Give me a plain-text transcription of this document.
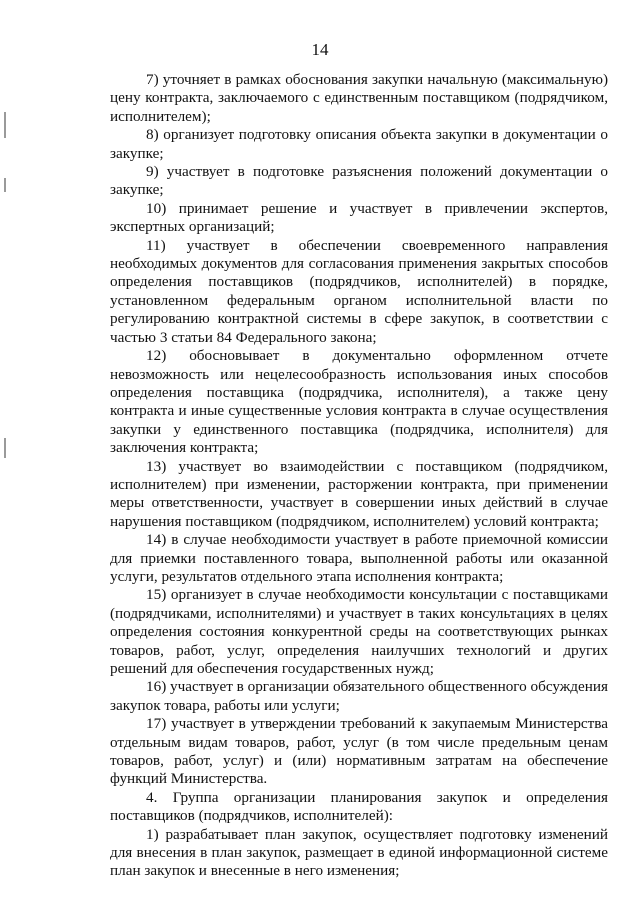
14

7) уточняет в рамках обоснования закупки начальную (максимальную) цену контракта, заключаемого с единственным поставщиком (подрядчиком, исполнителем);

8) организует подготовку описания объекта закупки в документации о закупке;

9) участвует в подготовке разъяснения положений документации о закупке;

10) принимает решение и участвует в привлечении экспертов, экспертных организаций;

11) участвует в обеспечении своевременного направления необходимых документов для согласования применения закрытых способов определения поставщиков (подрядчиков, исполнителей) в порядке, установленном федеральным органом исполнительной власти по регулированию контрактной системы в сфере закупок, в соответствии с частью 3 статьи 84 Федерального закона;

12) обосновывает в документально оформленном отчете невозможность или нецелесообразность использования иных способов определения поставщика (подрядчика, исполнителя), а также цену контракта и иные существенные условия контракта в случае осуществления закупки у единственного поставщика (подрядчика, исполнителя) для заключения контракта;

13) участвует во взаимодействии с поставщиком (подрядчиком, исполнителем) при изменении, расторжении контракта, при применении меры ответственности, участвует в совершении иных действий в случае нарушения поставщиком (подрядчиком, исполнителем) условий контракта;

14) в случае необходимости участвует в работе приемочной комиссии для приемки поставленного товара, выполненной работы или оказанной услуги, результатов отдельного этапа исполнения контракта;

15) организует в случае необходимости консультации с поставщиками (подрядчиками, исполнителями) и участвует в таких консультациях в целях определения состояния конкурентной среды на соответствующих рынках товаров, работ, услуг, определения наилучших технологий и других решений для обеспечения государственных нужд;

16) участвует в организации обязательного общественного обсуждения закупок товара, работы или услуги;

17) участвует в утверждении требований к закупаемым Министерства отдельным видам товаров, работ, услуг (в том числе предельным ценам товаров, работ, услуг) и (или) нормативным затратам на обеспечение функций Министерства.

4. Группа организации планирования закупок и определения поставщиков (подрядчиков, исполнителей):

1) разрабатывает план закупок, осуществляет подготовку изменений для внесения в план закупок, размещает в единой информационной системе план закупок и внесенные в него изменения;
